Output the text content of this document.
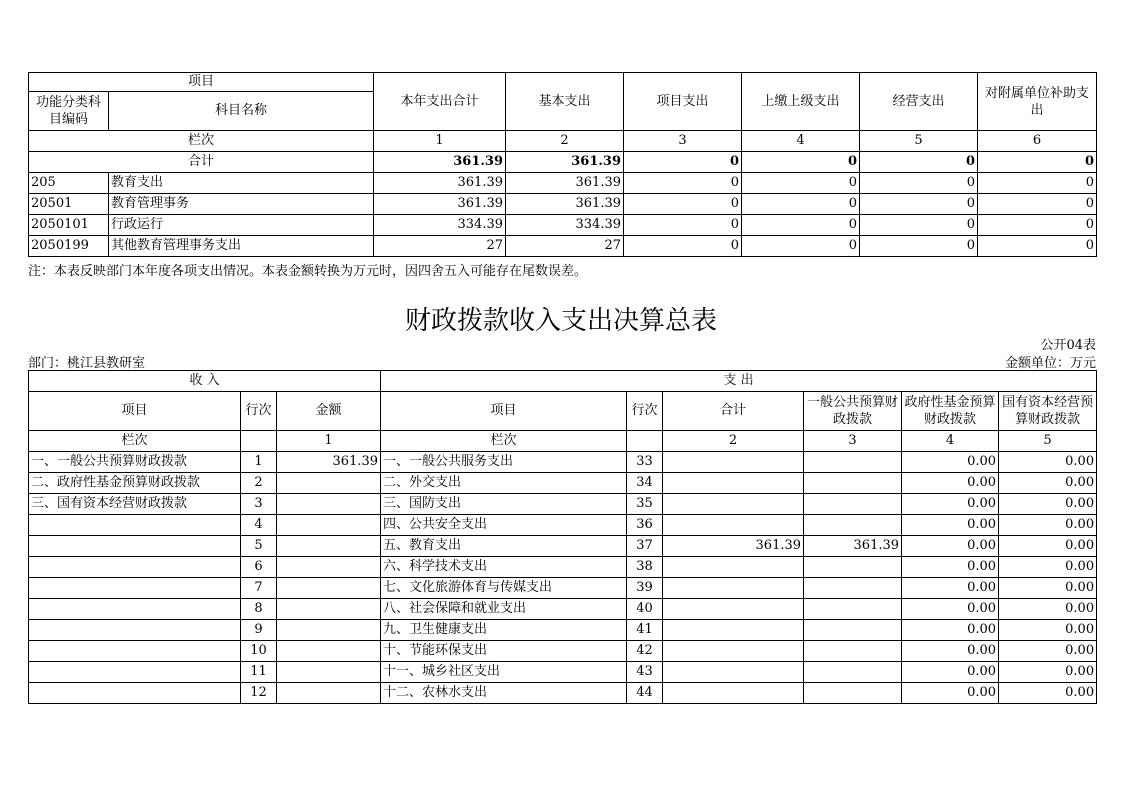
项目		本年支出合计	基本支出	项目支出	上缴上级支出	经营支出	对附属单位补助支出
功能分类科目编码	科目名称						
栏次		1	2	3	4	5	6
合计		361.39	361.39	0	0	0	0
205	教育支出	361.39	361.39	0	0	0	0
20501	教育管理事务	361.39	361.39	0	0	0	0
2050101	行政运行	334.39	334.39	0	0	0	0
2050199	其他教育管理事务支出	27	27	0	0	0	0
注：本表反映部门本年度各项支出情况。本表金额转换为万元时，因四舍五入可能存在尾数误差。
财政拨款收入支出决算总表
公开04表
部门：桃江县教研室	金额单位：万元
收 入			支 出					
项目	行次	金额	项目	行次	合计	一般公共预算财政拨款	政府性基金预算财政拨款	国有资本经营预算财政拨款
栏次		1	栏次		2	3	4	5
一、一般公共预算财政拨款	1	361.39	一、一般公共服务支出	33			0.00	0.00
二、政府性基金预算财政拨款	2		二、外交支出	34			0.00	0.00
三、国有资本经营财政拨款	3		三、国防支出	35			0.00	0.00
	4		四、公共安全支出	36			0.00	0.00
	5		五、教育支出	37	361.39	361.39	0.00	0.00
	6		六、科学技术支出	38			0.00	0.00
	7		七、文化旅游体育与传媒支出	39			0.00	0.00
	8		八、社会保障和就业支出	40			0.00	0.00
	9		九、卫生健康支出	41			0.00	0.00
	10		十、节能环保支出	42			0.00	0.00
	11		十一、城乡社区支出	43			0.00	0.00
	12		十二、农林水支出	44			0.00	0.00
